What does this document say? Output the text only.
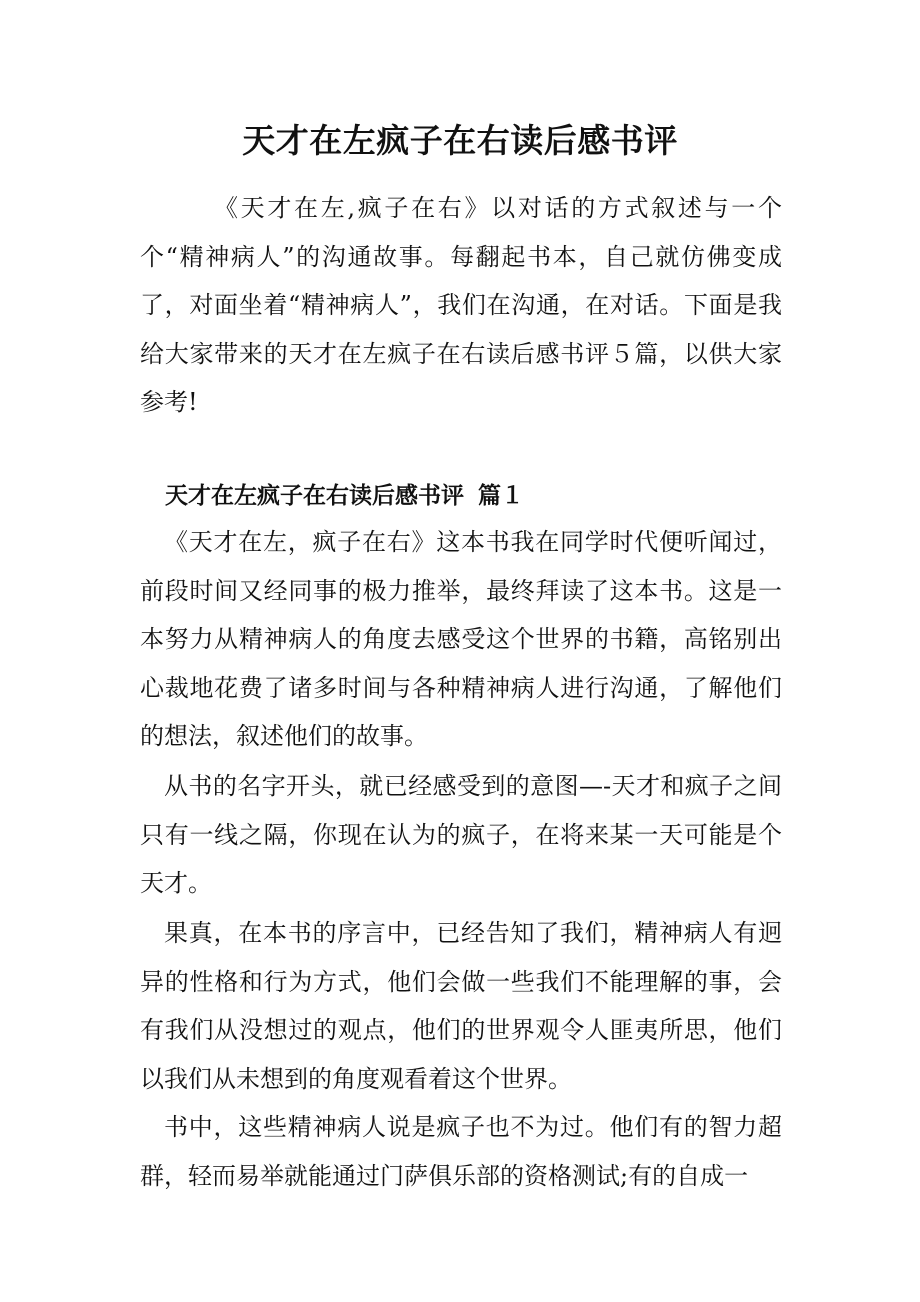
天才在左疯子在右读后感书评

《天才在左,疯子在右》以对话的方式叙述与一个个“精神病人”的沟通故事。每翻起书本，自己就仿佛变成了，对面坐着“精神病人”，我们在沟通，在对话。下面是我给大家带来的天才在左疯子在右读后感书评５篇，以供大家参考!

天才在左疯子在右读后感书评 篇１

《天才在左，疯子在右》这本书我在同学时代便听闻过，前段时间又经同事的极力推举，最终拜读了这本书。这是一本努力从精神病人的角度去感受这个世界的书籍，高铭别出心裁地花费了诸多时间与各种精神病人进行沟通，了解他们的想法，叙述他们的故事。

从书的名字开头，就已经感受到的意图—-天才和疯子之间只有一线之隔，你现在认为的疯子，在将来某一天可能是个天才。

果真，在本书的序言中，已经告知了我们，精神病人有迥异的性格和行为方式，他们会做一些我们不能理解的事，会有我们从没想过的观点，他们的世界观令人匪夷所思，他们以我们从未想到的角度观看着这个世界。

书中，这些精神病人说是疯子也不为过。他们有的智力超群，轻而易举就能通过门萨俱乐部的资格测试;有的自成一
